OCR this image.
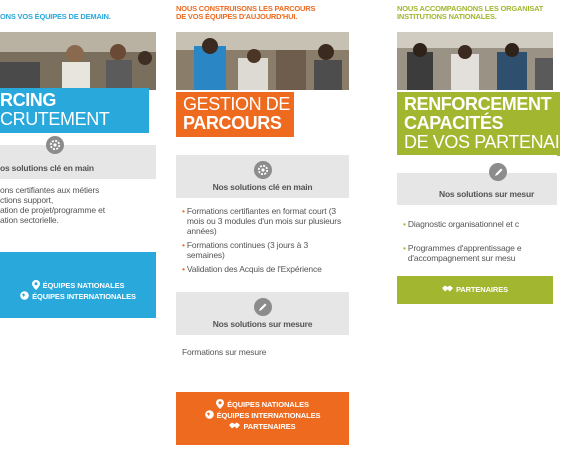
ONS VOS ÉQUIPES DE DEMAIN.
RCING
CRUTEMENT
os solutions clé en main
ons certifiantes aux métiers
ctions support,
ation de projet/programme et
ation sectorielle.
ÉQUIPES NATIONALES
ÉQUIPES INTERNATIONALES
NOUS CONSTRUISONS LES PARCOURS
DE VOS ÉQUIPES D'AUJOURD'HUI.
GESTION DE
PARCOURS
Nos solutions clé en main
• Formations certifiantes en format court (3 mois ou 3 modules d'un mois sur plusieurs années)
• Formations continues (3 jours à 3 semaines)
• Validation des Acquis de l'Expérience
Nos solutions sur mesure
Formations sur mesure
ÉQUIPES NATIONALES
ÉQUIPES INTERNATIONALES
PARTENAIRES
NOUS ACCOMPAGNONS LES ORGANISAT
INSTITUTIONS NATIONALES.
RENFORCEMENT
CAPACITÉS
DE VOS PARTENAIR
Nos solutions sur mesur
• Diagnostic organisationnel et c
• Programmes d'apprentissage e d'accompagnement sur mesu
PARTENAIRES
